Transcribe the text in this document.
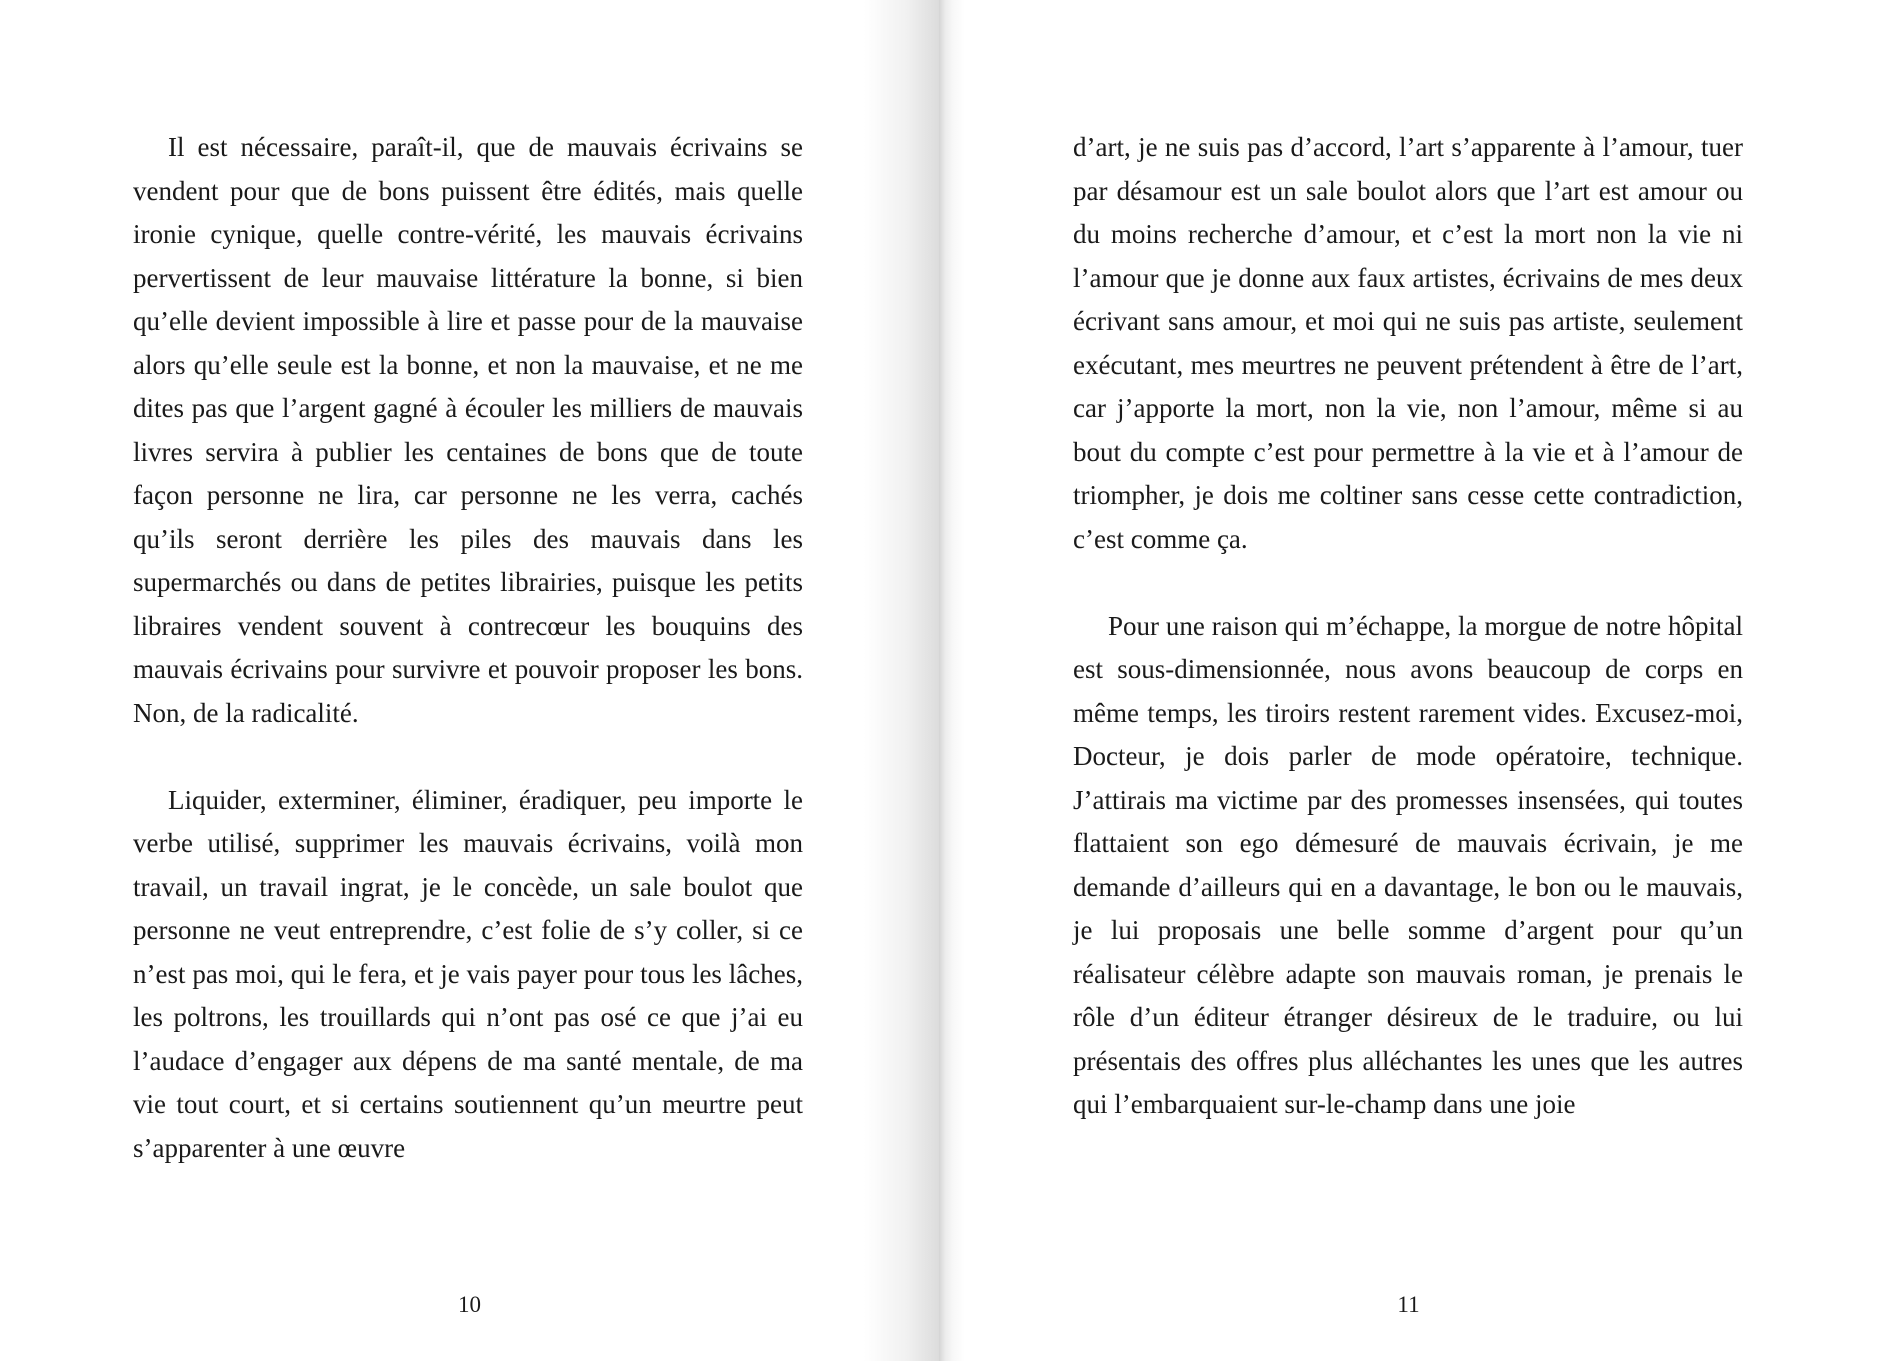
Il est nécessaire, paraît-il, que de mauvais écrivains se vendent pour que de bons puissent être édités, mais quelle ironie cynique, quelle contre-vérité, les mauvais écrivains pervertissent de leur mauvaise littérature la bonne, si bien qu’elle devient impossible à lire et passe pour de la mauvaise alors qu’elle seule est la bonne, et non la mauvaise, et ne me dites pas que l’argent gagné à écouler les milliers de mauvais livres servira à publier les centaines de bons que de toute façon personne ne lira, car personne ne les verra, cachés qu’ils seront derrière les piles des mauvais dans les supermarchés ou dans de petites librairies, puisque les petits libraires vendent souvent à contrecœur les bouquins des mauvais écrivains pour survivre et pouvoir proposer les bons. Non, de la radicalité.

Liquider, exterminer, éliminer, éradiquer, peu importe le verbe utilisé, supprimer les mauvais écrivains, voilà mon travail, un travail ingrat, je le concède, un sale boulot que personne ne veut entreprendre, c’est folie de s’y coller, si ce n’est pas moi, qui le fera, et je vais payer pour tous les lâches, les poltrons, les trouillards qui n’ont pas osé ce que j’ai eu l’audace d’engager aux dépens de ma santé mentale, de ma vie tout court, et si certains soutiennent qu’un meurtre peut s’apparenter à une œuvre

10

d’art, je ne suis pas d’accord, l’art s’apparente à l’amour, tuer par désamour est un sale boulot alors que l’art est amour ou du moins recherche d’amour, et c’est la mort non la vie ni l’amour que je donne aux faux artistes, écrivains de mes deux écrivant sans amour, et moi qui ne suis pas artiste, seulement exécutant, mes meurtres ne peuvent prétendent à être de l’art, car j’apporte la mort, non la vie, non l’amour, même si au bout du compte c’est pour permettre à la vie et à l’amour de triompher, je dois me coltiner sans cesse cette contradiction, c’est comme ça.

Pour une raison qui m’échappe, la morgue de notre hôpital est sous-dimensionnée, nous avons beaucoup de corps en même temps, les tiroirs restent rarement vides. Excusez-moi, Docteur, je dois parler de mode opératoire, technique. J’attirais ma victime par des promesses insensées, qui toutes flattaient son ego démesuré de mauvais écrivain, je me demande d’ailleurs qui en a davantage, le bon ou le mauvais, je lui proposais une belle somme d’argent pour qu’un réalisateur célèbre adapte son mauvais roman, je prenais le rôle d’un éditeur étranger désireux de le traduire, ou lui présentais des offres plus alléchantes les unes que les autres qui l’embarquaient sur-le-champ dans une joie

11
